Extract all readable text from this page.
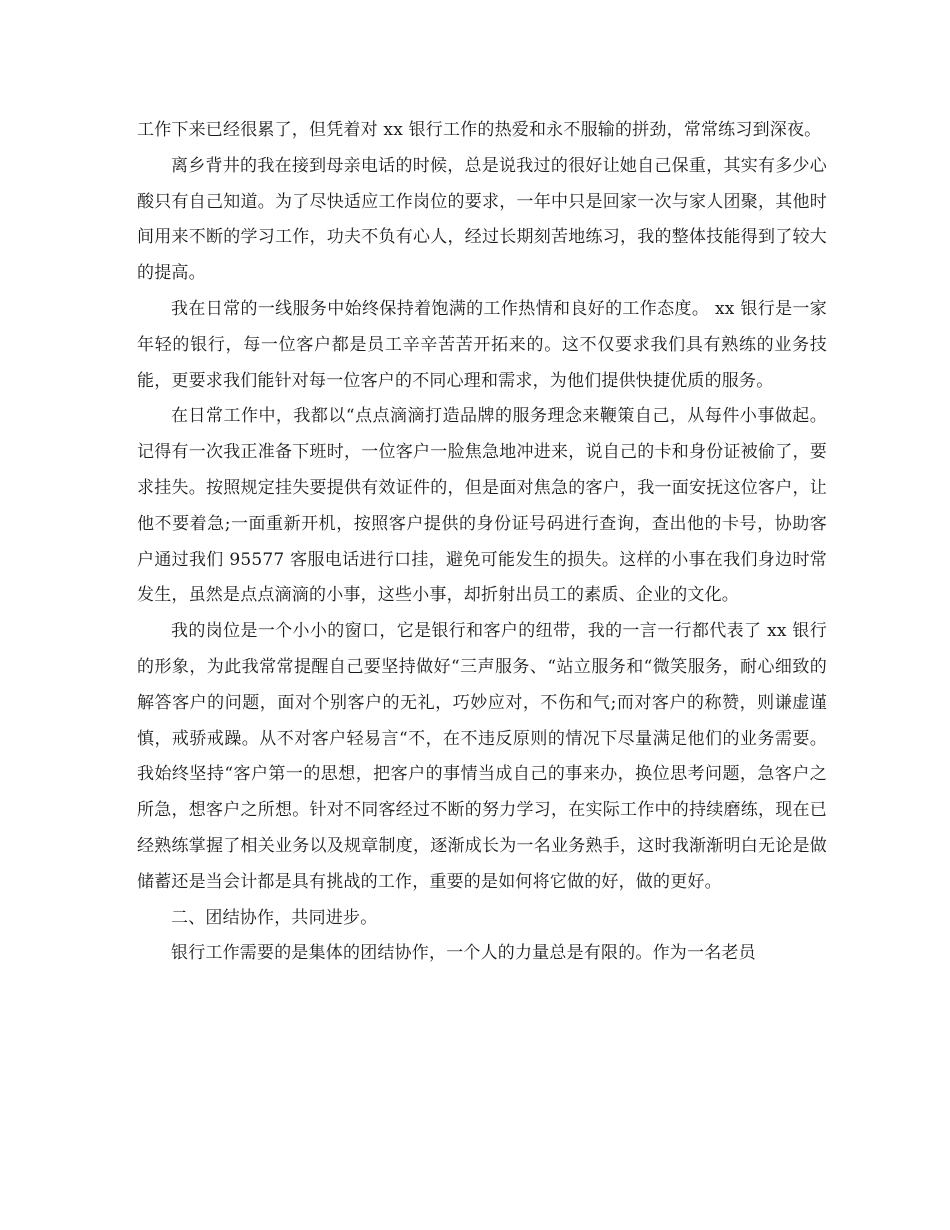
工作下来已经很累了，但凭着对 xx 银行工作的热爱和永不服输的拼劲，常常练习到深夜。

离乡背井的我在接到母亲电话的时候，总是说我过的很好让她自己保重，其实有多少心酸只有自己知道。为了尽快适应工作岗位的要求，一年中只是回家一次与家人团聚，其他时间用来不断的学习工作，功夫不负有心人，经过长期刻苦地练习，我的整体技能得到了较大的提高。

我在日常的一线服务中始终保持着饱满的工作热情和良好的工作态度。 xx 银行是一家年轻的银行，每一位客户都是员工辛辛苦苦开拓来的。这不仅要求我们具有熟练的业务技能，更要求我们能针对每一位客户的不同心理和需求，为他们提供快捷优质的服务。

在日常工作中，我都以“点点滴滴打造品牌的服务理念来鞭策自己，从每件小事做起。记得有一次我正准备下班时，一位客户一脸焦急地冲进来，说自己的卡和身份证被偷了，要求挂失。按照规定挂失要提供有效证件的，但是面对焦急的客户，我一面安抚这位客户，让他不要着急;一面重新开机，按照客户提供的身份证号码进行查询，查出他的卡号，协助客户通过我们 95577 客服电话进行口挂，避免可能发生的损失。这样的小事在我们身边时常发生，虽然是点点滴滴的小事，这些小事，却折射出员工的素质、企业的文化。

我的岗位是一个小小的窗口，它是银行和客户的纽带，我的一言一行都代表了 xx 银行的形象，为此我常常提醒自己要坚持做好“三声服务、“站立服务和“微笑服务，耐心细致的解答客户的问题，面对个别客户的无礼，巧妙应对，不伤和气;而对客户的称赞，则谦虚谨慎，戒骄戒躁。从不对客户轻易言“不，在不违反原则的情况下尽量满足他们的业务需要。我始终坚持“客户第一的思想，把客户的事情当成自己的事来办，换位思考问题，急客户之所急，想客户之所想。针对不同客经过不断的努力学习，在实际工作中的持续磨练，现在已经熟练掌握了相关业务以及规章制度，逐渐成长为一名业务熟手，这时我渐渐明白无论是做储蓄还是当会计都是具有挑战的工作，重要的是如何将它做的好，做的更好。

二、团结协作，共同进步。

银行工作需要的是集体的团结协作，一个人的力量总是有限的。作为一名老员
